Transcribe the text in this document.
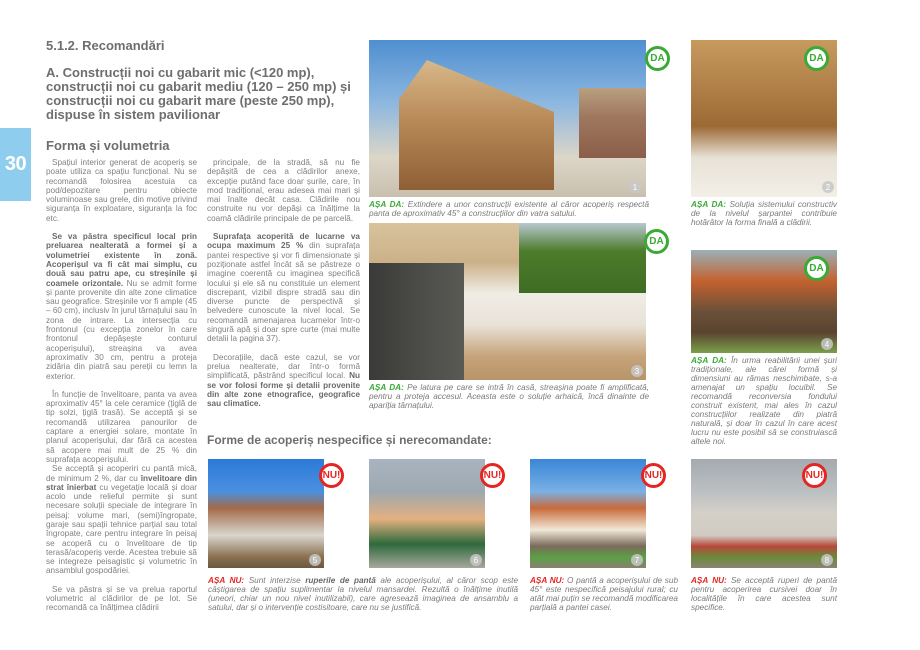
30
5.1.2. Recomandări
A. Construcții noi cu gabarit mic (<120 mp), construcții noi cu gabarit mediu (120 – 250 mp) și construcții noi cu gabarit mare (peste 250 mp), dispuse în sistem pavilionar
Forma și volumetria

Spațiul interior generat de acoperiș se poate utiliza ca spațiu funcțional. Nu se recomandă folosirea acestuia ca pod/depozitare pentru obiecte voluminoase sau grele, din motive privind siguranța în exploatare, siguranța la foc etc.

Se va păstra specificul local prin preluarea nealterată a formei și a volumetriei existente în zonă. Acoperișul va fi cât mai simplu, cu două sau patru ape, cu streșinile și coamele orizontale. Nu se admit forme și pante provenite din alte zone climatice sau geografice. Streșinile vor fi ample (45 – 60 cm), inclusiv în jurul târnațului sau în zona de intrare. La intersecția cu frontonul (cu excepția zonelor în care frontonul depășește conturul acoperișului), streașina va avea aproximativ 30 cm, pentru a proteja zidăria din piatră sau pereții cu lemn la exterior.

În funcție de învelitoare, panta va avea aproximativ 45° la cele ceramice (țiglă de tip solzi, țiglă trasă). Se acceptă și se recomandă utilizarea panourilor de captare a energiei solare, montate în planul acoperișului, dar fără ca acestea să acopere mai mult de 25 % din suprafața acoperișului.

Se acceptă și acoperiri cu pantă mică, de minimum 2 %, dar cu învelitoare din strat înierbat cu vegetație locală și doar acolo unde relieful permite și sunt necesare soluții speciale de integrare în peisaj: volume mari, (semi)îngropate, garaje sau spații tehnice parțial sau total îngropate, care pentru integrare în peisaj se acoperă cu o învelitoare de tip terasă/acoperiș verde. Acestea trebuie să se integreze peisagistic și volumetric în ansamblul gospodăriei.

Se va păstra și se va prelua raportul volumetric al clădirilor de pe lot. Se recomandă ca înălțimea clădirii

principale, de la stradă, să nu fie depășită de cea a clădirilor anexe, excepție putând face doar șurile, care, în mod tradițional, erau adesea mai mari și mai înalte decât casa. Clădirile nou construite nu vor depăși ca înălțime la coamă clădirile principale de pe parcelă.

Suprafața acoperită de lucarne va ocupa maximum 25 % din suprafața pantei respective și vor fi dimensionate și poziționate astfel încât să se păstreze o imagine coerentă cu imaginea specifică locului și ele să nu constituie un element discrepant, vizibil dispre stradă sau din diverse puncte de perspectivă și belvedere cunoscute la nivel local. Se recomandă amenajarea lucarnelor într-o singură apă și doar spre curte (mai multe detalii la pagina 37).

Decorațiile, dacă este cazul, se vor prelua nealterate, dar într-o formă simplificată, păstrând specificul local. Nu se vor folosi forme și detalii provenite din alte zone etnografice, geografice sau climatice.

1
DA
AȘA DA: Extindere a unor construcții existente al căror acoperiș respectă panta de aproximativ 45° a construcțiilor din vatra satului.
2
DA
AȘA DA: Soluția sistemului constructiv de la nivelul șarpantei contribuie hotărâtor la forma finală a clădirii.
3
DA
AȘA DA: Pe latura pe care se intră în casă, streașina poate fi amplificată, pentru a proteja accesul. Aceasta este o soluție arhaică, încă dinainte de apariția târnațului.
4
DA
AȘA DA: În urma reabilitării unei șuri tradiționale, ale cărei formă și dimensiuni au rămas neschimbate, s-a amenajat un spațiu locuibil. Se recomandă reconversia fondului construit existent, mai ales în cazul construcțiilor realizate din piatră naturală, și doar în cazul în care acest lucru nu este posibil să se construiască altele noi.
Forme de acoperiș nespecifice și nerecomandate:
5
NU!
6
NU!
7
NU!
8
NU!
AȘA NU: Sunt interzise ruperile de pantă ale acoperișului, al căror scop este câștigarea de spațiu suplimentar la nivelul mansardei. Rezultă o înălțime inutilă (uneori, chiar un nou nivel inutilizabil), care agresează imaginea de ansamblu a satului, dar și o intervenție costisitoare, care nu se justifică.
AȘA NU: O pantă a acoperișului de sub 45° este nespecifică peisajului rural; cu atât mai puțin se recomandă modificarea parțială a pantei casei.
AȘA NU: Se acceptă ruperi de pantă pentru acoperirea cursivei doar în localitățile în care acestea sunt specifice.
